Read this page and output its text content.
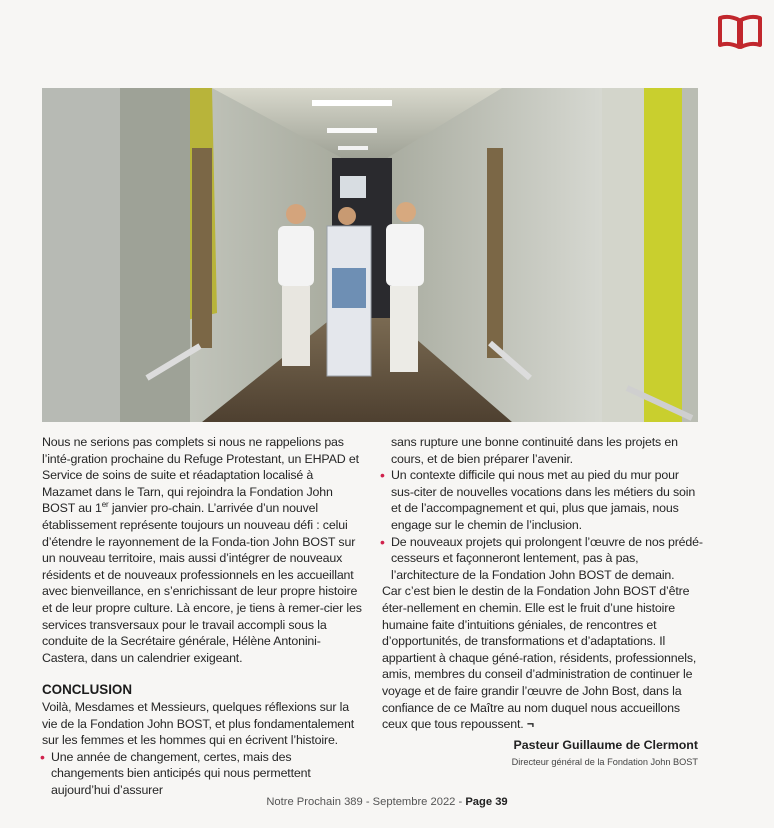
Nous ne serions pas complets si nous ne rappelions pas l’inté-gration prochaine du Refuge Protestant, un EHPAD et Service de soins de suite et réadaptation localisé à Mazamet dans le Tarn, qui rejoindra la Fondation John BOST au 1er janvier pro-chain. L’arrivée d’un nouvel établissement représente toujours un nouveau défi : celui d’étendre le rayonnement de la Fonda-tion John BOST sur un nouveau territoire, mais aussi d’intégrer de nouveaux résidents et de nouveaux professionnels en les accueillant avec bienveillance, en s’enrichissant de leur propre histoire et de leur propre culture. Là encore, je tiens à remer-cier les services transversaux pour le travail accompli sous la conduite de la Secrétaire générale, Hélène Antonini-Castera, dans un calendrier exigeant.

CONCLUSION

Voilà, Mesdames et Messieurs, quelques réflexions sur la vie de la Fondation John BOST, et plus fondamentalement sur les femmes et les hommes qui en écrivent l’histoire.

• Une année de changement, certes, mais des changements bien anticipés qui nous permettent aujourd’hui d’assurer

sans rupture une bonne continuité dans les projets en cours, et de bien préparer l’avenir.

• Un contexte difficile qui nous met au pied du mur pour sus-citer de nouvelles vocations dans les métiers du soin et de l’accompagnement et qui, plus que jamais, nous engage sur le chemin de l’inclusion.

• De nouveaux projets qui prolongent l’œuvre de nos prédé-cesseurs et façonneront lentement, pas à pas, l’architecture de la Fondation John BOST de demain.

Car c’est bien le destin de la Fondation John BOST d’être éter-nellement en chemin. Elle est le fruit d’une histoire humaine faite d’intuitions géniales, de rencontres et d’opportunités, de transformations et d’adaptations. Il appartient à chaque géné-ration, résidents, professionnels, amis, membres du conseil d’administration de continuer le voyage et de faire grandir l’œuvre de John Bost, dans la confiance de ce Maître au nom duquel nous accueillons ceux que tous repoussent. ¬

Pasteur Guillaume de Clermont
Directeur général de la Fondation John BOST
Notre Prochain 389 - Septembre 2022 - Page 39
